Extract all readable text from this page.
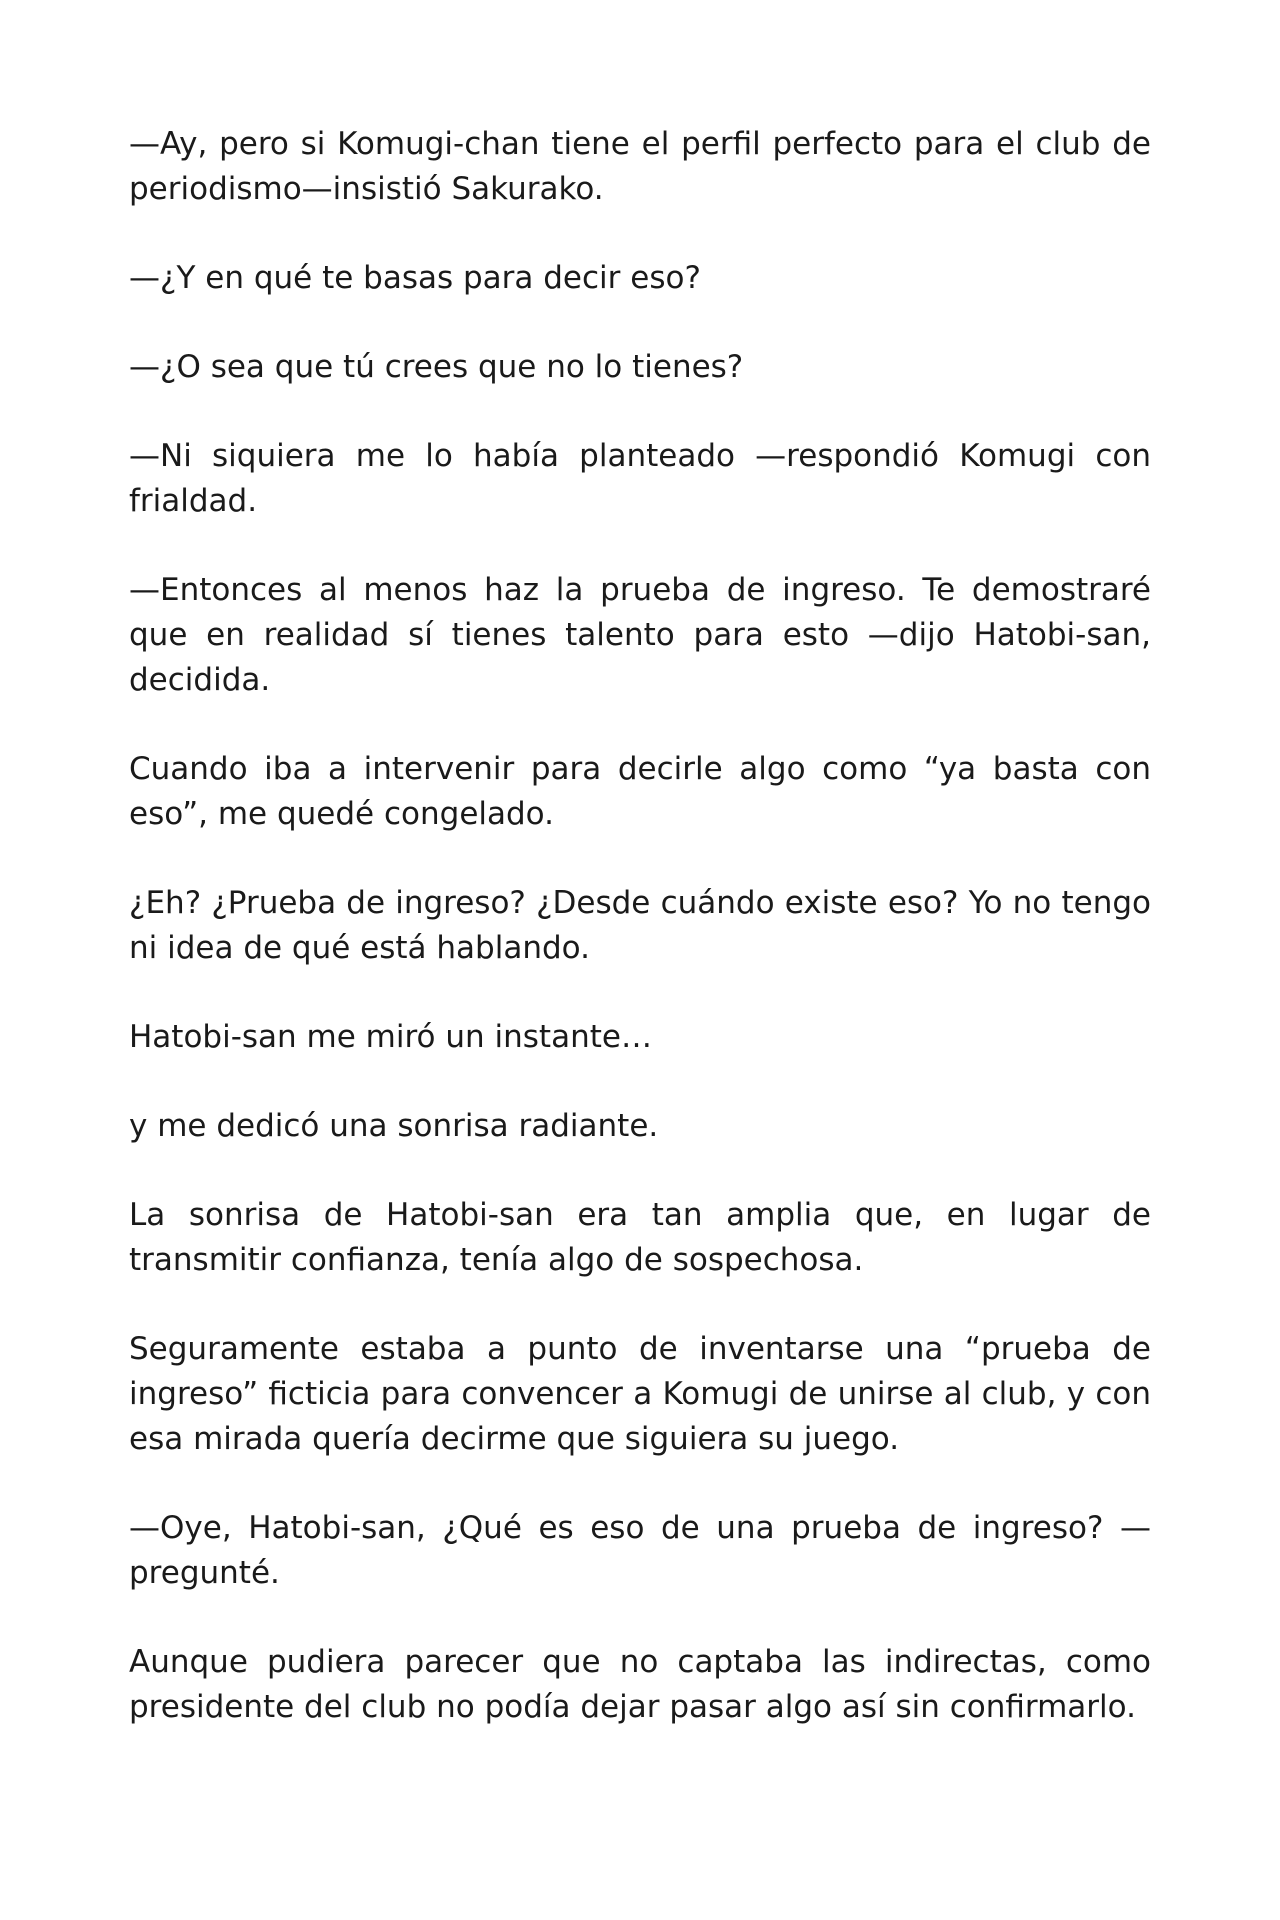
—Ay, pero si Komugi-chan tiene el perfil perfecto para el club de periodismo—insistió Sakurako.

—¿Y en qué te basas para decir eso?

—¿O sea que tú crees que no lo tienes?

—Ni siquiera me lo había planteado —respondió Komugi con frialdad.

—Entonces al menos haz la prueba de ingreso. Te demostraré que en realidad sí tienes talento para esto —dijo Hatobi-san, decidida.

Cuando iba a intervenir para decirle algo como “ya basta con eso”, me quedé congelado.

¿Eh? ¿Prueba de ingreso? ¿Desde cuándo existe eso? Yo no tengo ni idea de qué está hablando.

Hatobi-san me miró un instante…

y me dedicó una sonrisa radiante.

La sonrisa de Hatobi-san era tan amplia que, en lugar de transmitir confianza, tenía algo de sospechosa.

Seguramente estaba a punto de inventarse una “prueba de ingreso” ficticia para convencer a Komugi de unirse al club, y con esa mirada quería decirme que siguiera su juego.

—Oye, Hatobi-san, ¿Qué es eso de una prueba de ingreso? —pregunté.

Aunque pudiera parecer que no captaba las indirectas, como presidente del club no podía dejar pasar algo así sin confirmarlo.
